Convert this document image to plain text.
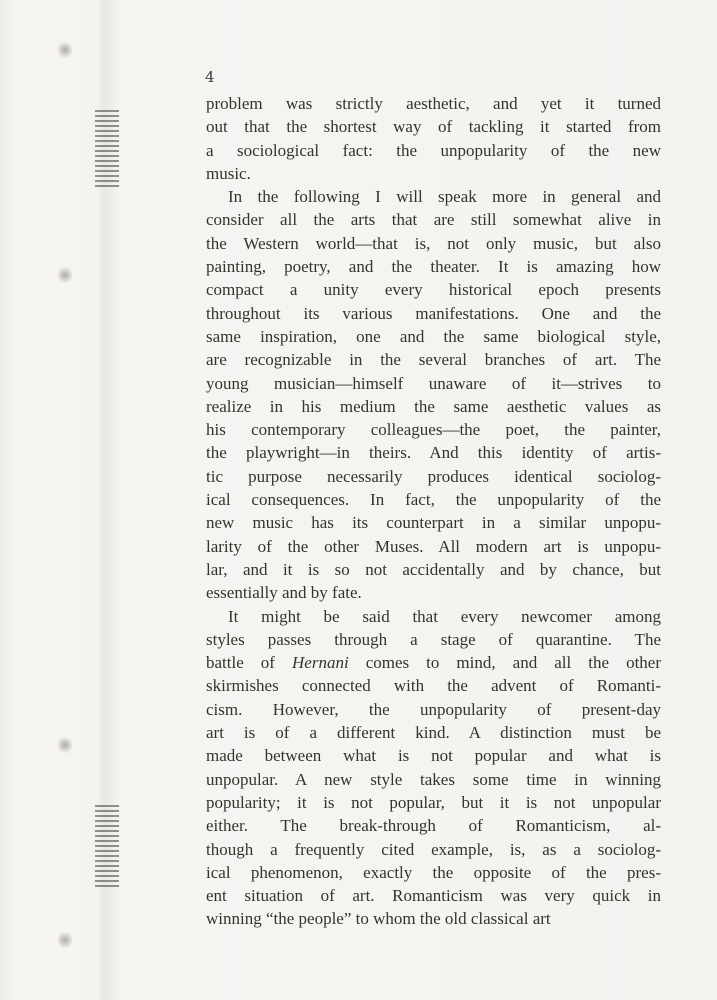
4
problem was strictly aesthetic, and yet it turned
out that the shortest way of tackling it started from
a sociological fact: the unpopularity of the new
music.
In the following I will speak more in general and
consider all the arts that are still somewhat alive in
the Western world—that is, not only music, but also
painting, poetry, and the theater. It is amazing how
compact a unity every historical epoch presents
throughout its various manifestations. One and the
same inspiration, one and the same biological style,
are recognizable in the several branches of art. The
young musician—himself unaware of it—strives to
realize in his medium the same aesthetic values as
his contemporary colleagues—the poet, the painter,
the playwright—in theirs. And this identity of artis-
tic purpose necessarily produces identical sociolog-
ical consequences. In fact, the unpopularity of the
new music has its counterpart in a similar unpopu-
larity of the other Muses. All modern art is unpopu-
lar, and it is so not accidentally and by chance, but
essentially and by fate.
It might be said that every newcomer among
styles passes through a stage of quarantine. The
battle of Hernani comes to mind, and all the other
skirmishes connected with the advent of Romanti-
cism. However, the unpopularity of present-day
art is of a different kind. A distinction must be
made between what is not popular and what is
unpopular. A new style takes some time in winning
popularity; it is not popular, but it is not unpopular
either. The break-through of Romanticism, al-
though a frequently cited example, is, as a sociolog-
ical phenomenon, exactly the opposite of the pres-
ent situation of art. Romanticism was very quick in
winning “the people” to whom the old classical art
